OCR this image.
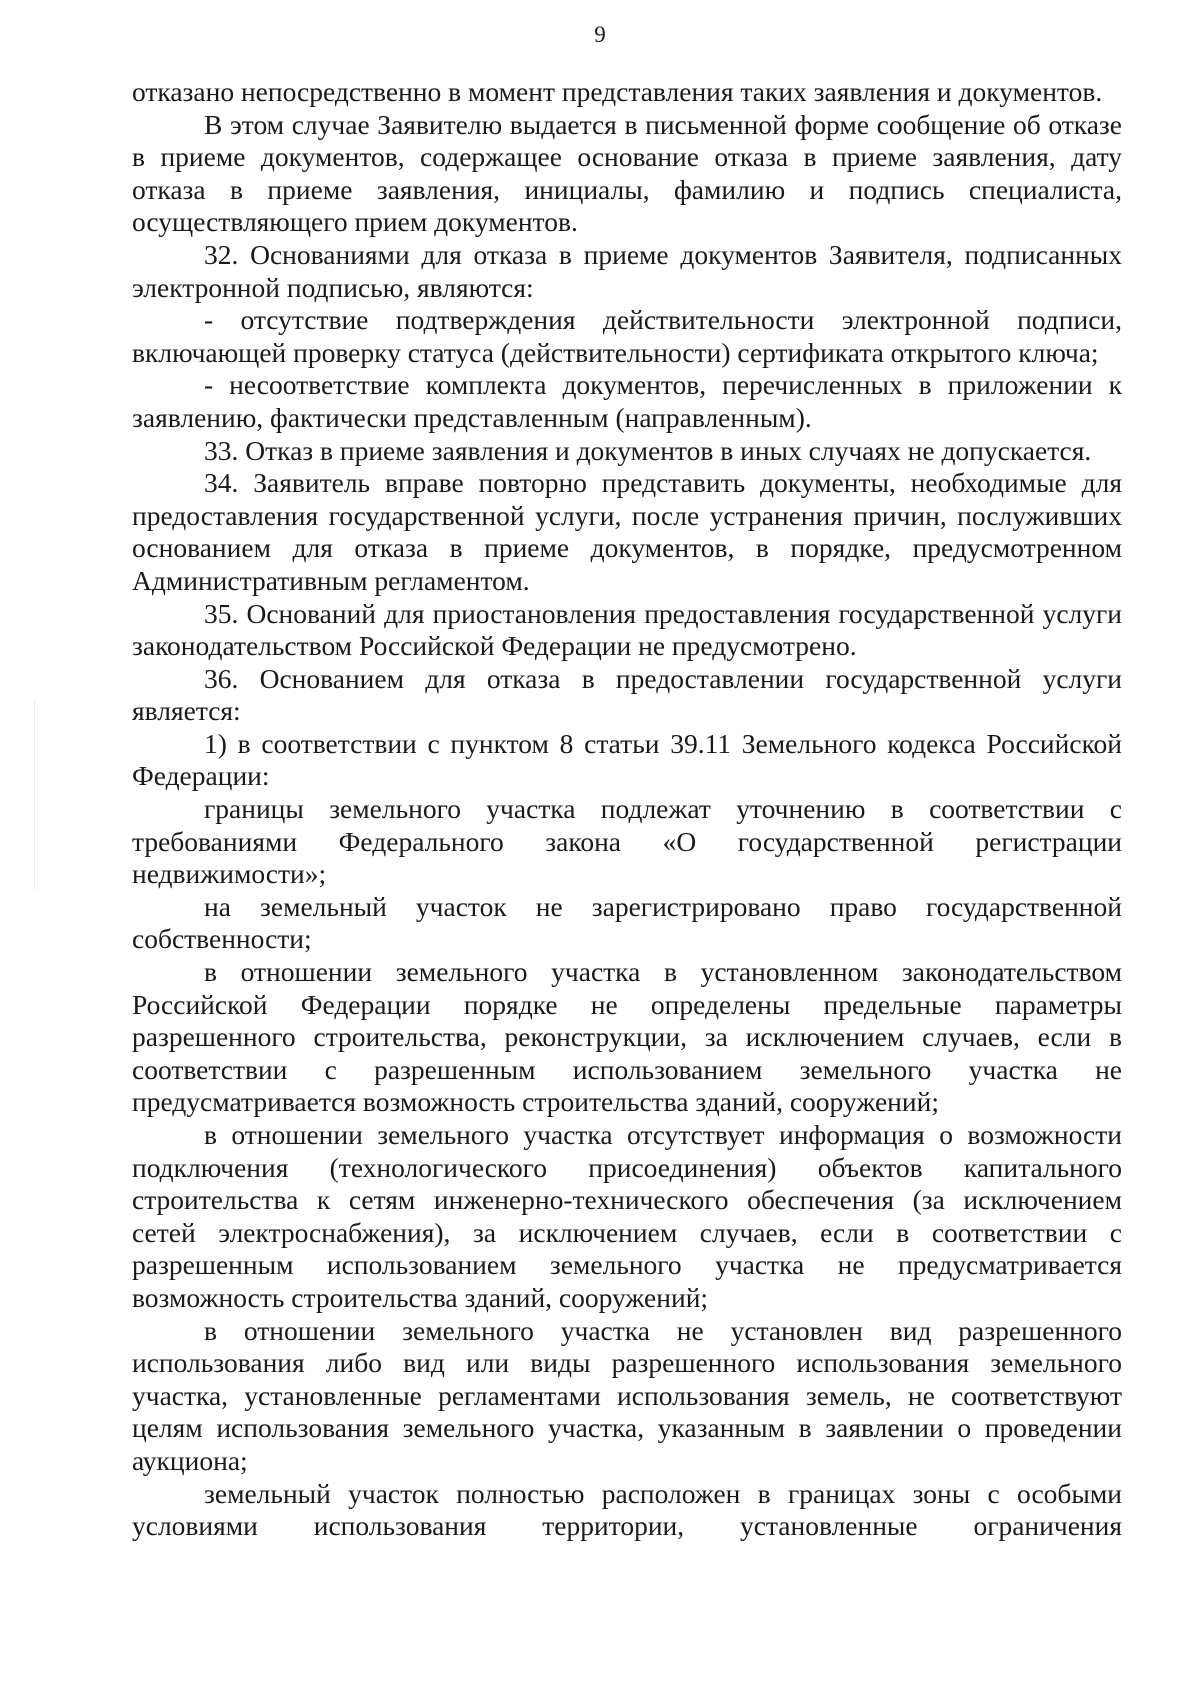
9

отказано непосредственно в момент представления таких заявления и документов.

В этом случае Заявителю выдается в письменной форме сообщение об отказе в приеме документов, содержащее основание отказа в приеме заявления, дату отказа в приеме заявления, инициалы, фамилию и подпись специалиста, осуществляющего прием документов.

32. Основаниями для отказа в приеме документов Заявителя, подписанных электронной подписью, являются:

- отсутствие подтверждения действительности электронной подписи, включающей проверку статуса (действительности) сертификата открытого ключа;

- несоответствие комплекта документов, перечисленных в приложении к заявлению, фактически представленным (направленным).

33. Отказ в приеме заявления и документов в иных случаях не допускается.

34. Заявитель вправе повторно представить документы, необходимые для предоставления государственной услуги, после устранения причин, послуживших основанием для отказа в приеме документов, в порядке, предусмотренном Административным регламентом.

35. Оснований для приостановления предоставления государственной услуги законодательством Российской Федерации не предусмотрено.

36. Основанием для отказа в предоставлении государственной услуги является:

1) в соответствии с пунктом 8 статьи 39.11 Земельного кодекса Российской Федерации:

границы земельного участка подлежат уточнению в соответствии с требованиями Федерального закона «О государственной регистрации недвижимости»;

на земельный участок не зарегистрировано право государственной собственности;

в отношении земельного участка в установленном законодательством Российской Федерации порядке не определены предельные параметры разрешенного строительства, реконструкции, за исключением случаев, если в соответствии с разрешенным использованием земельного участка не предусматривается возможность строительства зданий, сооружений;

в отношении земельного участка отсутствует информация о возможности подключения (технологического присоединения) объектов капитального строительства к сетям инженерно-технического обеспечения (за исключением сетей электроснабжения), за исключением случаев, если в соответствии с разрешенным использованием земельного участка не предусматривается возможность строительства зданий, сооружений;

в отношении земельного участка не установлен вид разрешенного использования либо вид или виды разрешенного использования земельного участка, установленные регламентами использования земель, не соответствуют целям использования земельного участка, указанным в заявлении о проведении аукциона;

земельный участок полностью расположен в границах зоны с особыми условиями использования территории, установленные ограничения
